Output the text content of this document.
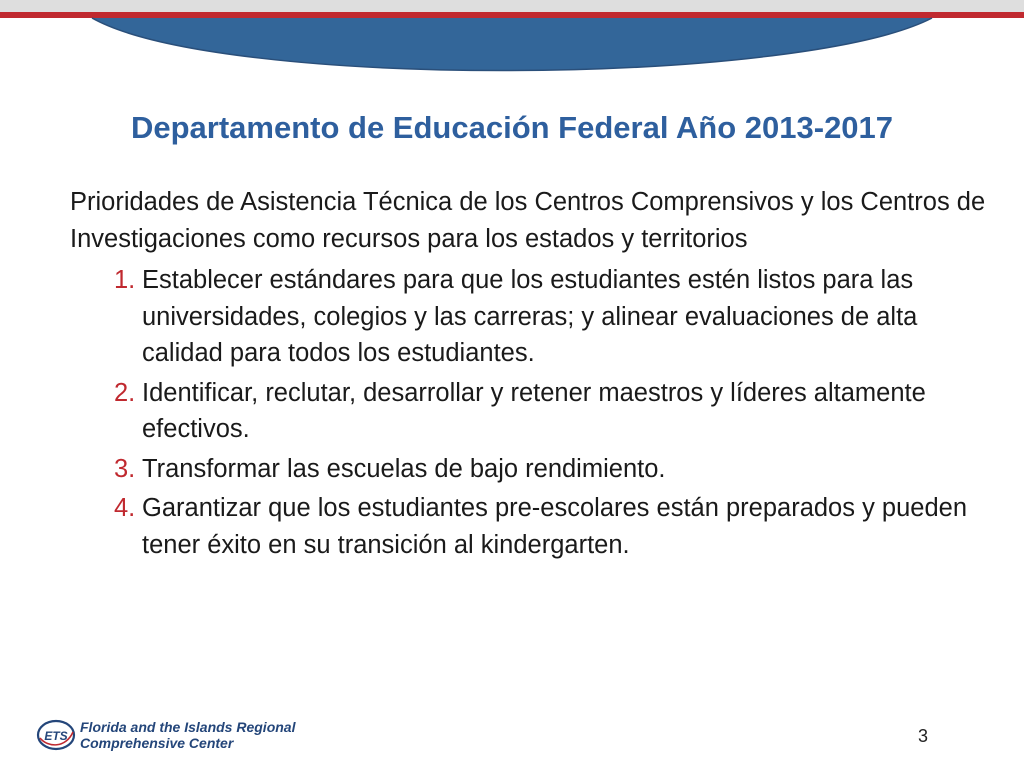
Departamento de Educación Federal Año 2013-2017

Prioridades de Asistencia Técnica de los Centros Comprensivos y los Centros de Investigaciones como recursos para los estados y territorios

1. Establecer estándares para que los estudiantes estén listos para las universidades, colegios y las carreras; y alinear evaluaciones de alta calidad para todos los estudiantes.
2. Identificar, reclutar, desarrollar y retener maestros y líderes altamente efectivos.
3. Transformar las escuelas de bajo rendimiento.
4. Garantizar que los estudiantes pre-escolares están preparados y pueden tener éxito en su transición al kindergarten.
ETS
Florida and the Islands Regional
Comprehensive Center	3
